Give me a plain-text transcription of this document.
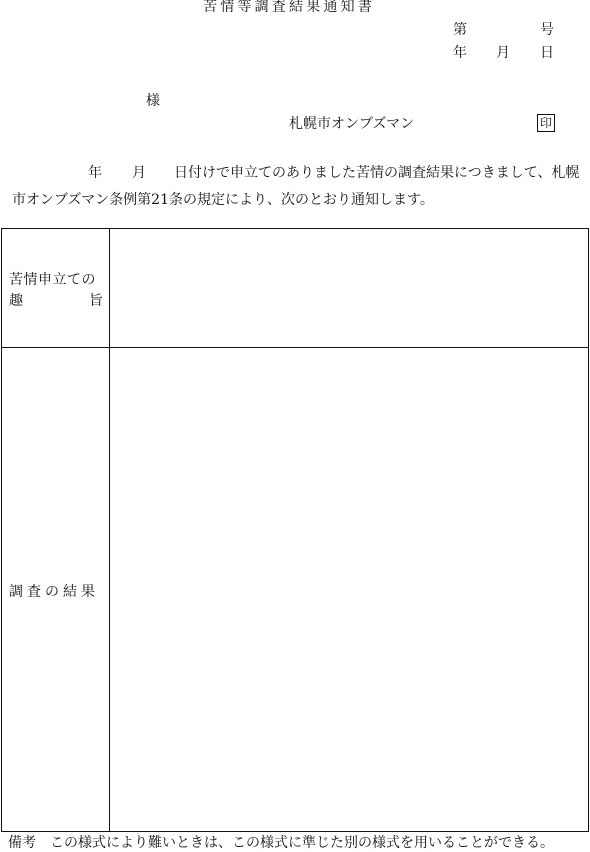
苦情等調査結果通知書
第	号
年 月 日
様
札幌市オンブズマン	印
年 月 日付けで申立てのありました苦情の調査結果につきまして、札幌市オンブズマン条例第21条の規定により、次のとおり通知します。
苦情申立ての
趣	旨
調査の結果
備考　この様式により難いときは、この様式に準じた別の様式を用いることができる。
